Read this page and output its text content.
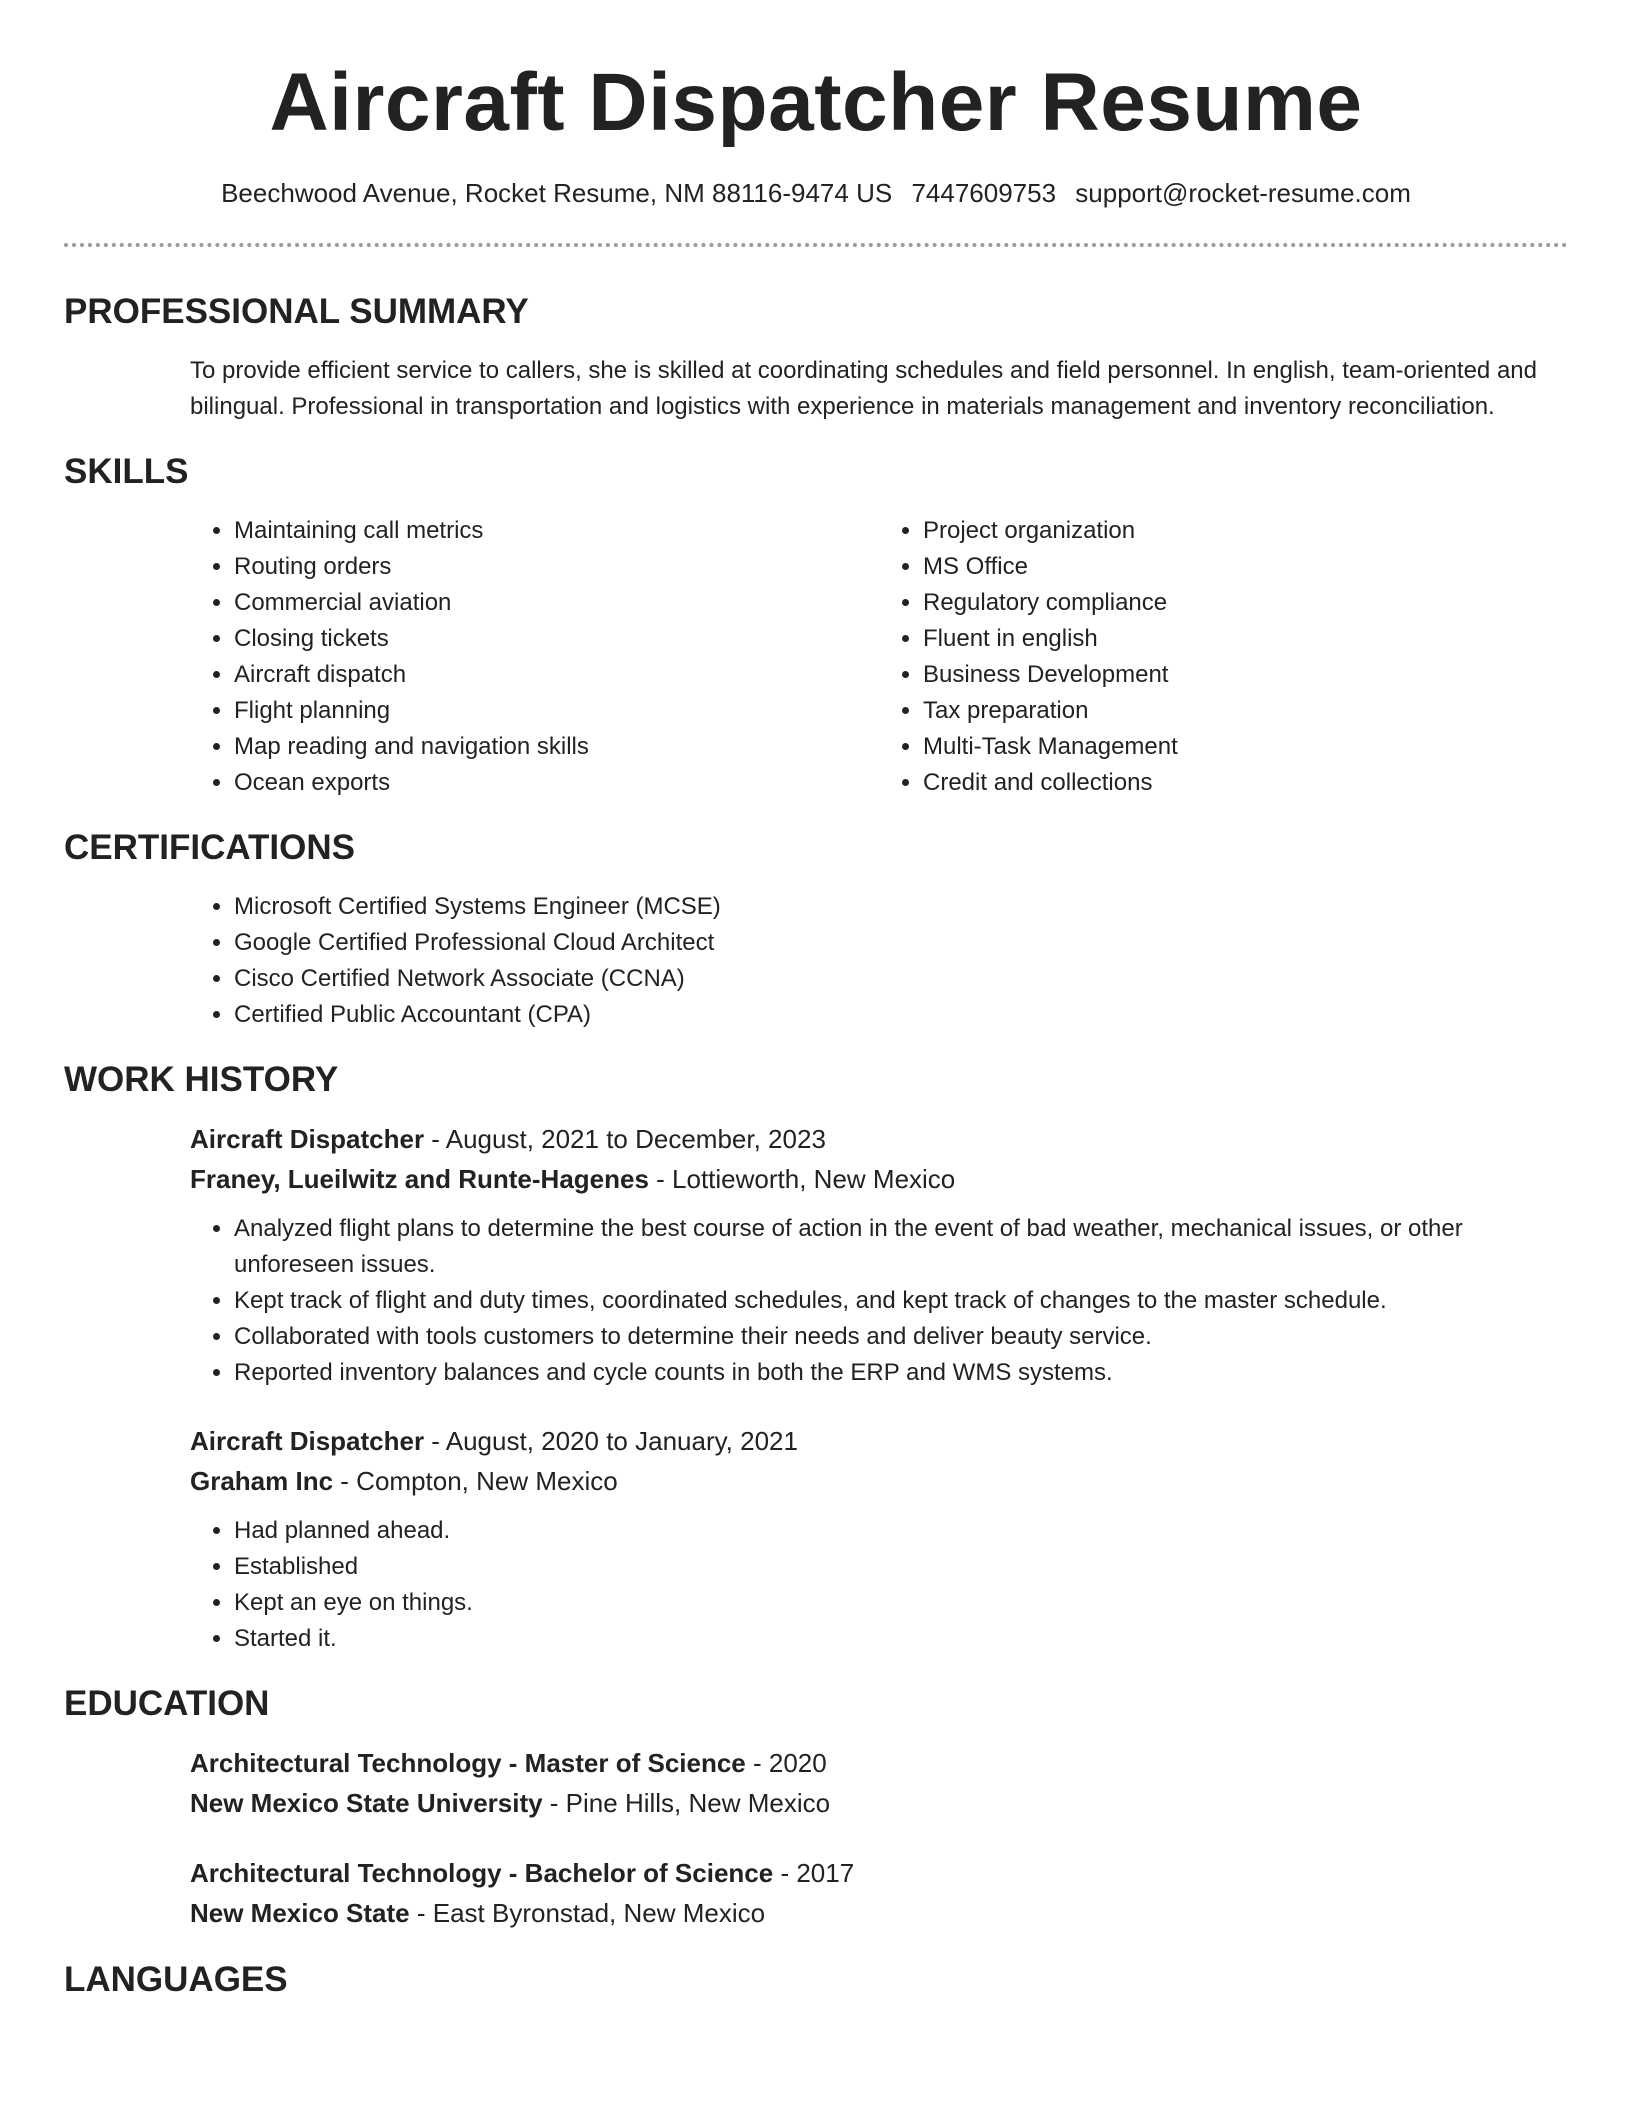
Aircraft Dispatcher Resume
Beechwood Avenue, Rocket Resume, NM 88116-9474 US 7447609753 support@rocket-resume.com
PROFESSIONAL SUMMARY
To provide efficient service to callers, she is skilled at coordinating schedules and field personnel. In english, team-oriented and bilingual. Professional in transportation and logistics with experience in materials management and inventory reconciliation.
SKILLS
• Maintaining call metrics
• Routing orders
• Commercial aviation
• Closing tickets
• Aircraft dispatch
• Flight planning
• Map reading and navigation skills
• Ocean exports
• Project organization
• MS Office
• Regulatory compliance
• Fluent in english
• Business Development
• Tax preparation
• Multi-Task Management
• Credit and collections
CERTIFICATIONS
• Microsoft Certified Systems Engineer (MCSE)
• Google Certified Professional Cloud Architect
• Cisco Certified Network Associate (CCNA)
• Certified Public Accountant (CPA)
WORK HISTORY
Aircraft Dispatcher - August, 2021 to December, 2023
Franey, Lueilwitz and Runte-Hagenes - Lottieworth, New Mexico
• Analyzed flight plans to determine the best course of action in the event of bad weather, mechanical issues, or other unforeseen issues.
• Kept track of flight and duty times, coordinated schedules, and kept track of changes to the master schedule.
• Collaborated with tools customers to determine their needs and deliver beauty service.
• Reported inventory balances and cycle counts in both the ERP and WMS systems.
Aircraft Dispatcher - August, 2020 to January, 2021
Graham Inc - Compton, New Mexico
• Had planned ahead.
• Established
• Kept an eye on things.
• Started it.
EDUCATION
Architectural Technology - Master of Science - 2020
New Mexico State University - Pine Hills, New Mexico
Architectural Technology - Bachelor of Science - 2017
New Mexico State - East Byronstad, New Mexico
LANGUAGES
